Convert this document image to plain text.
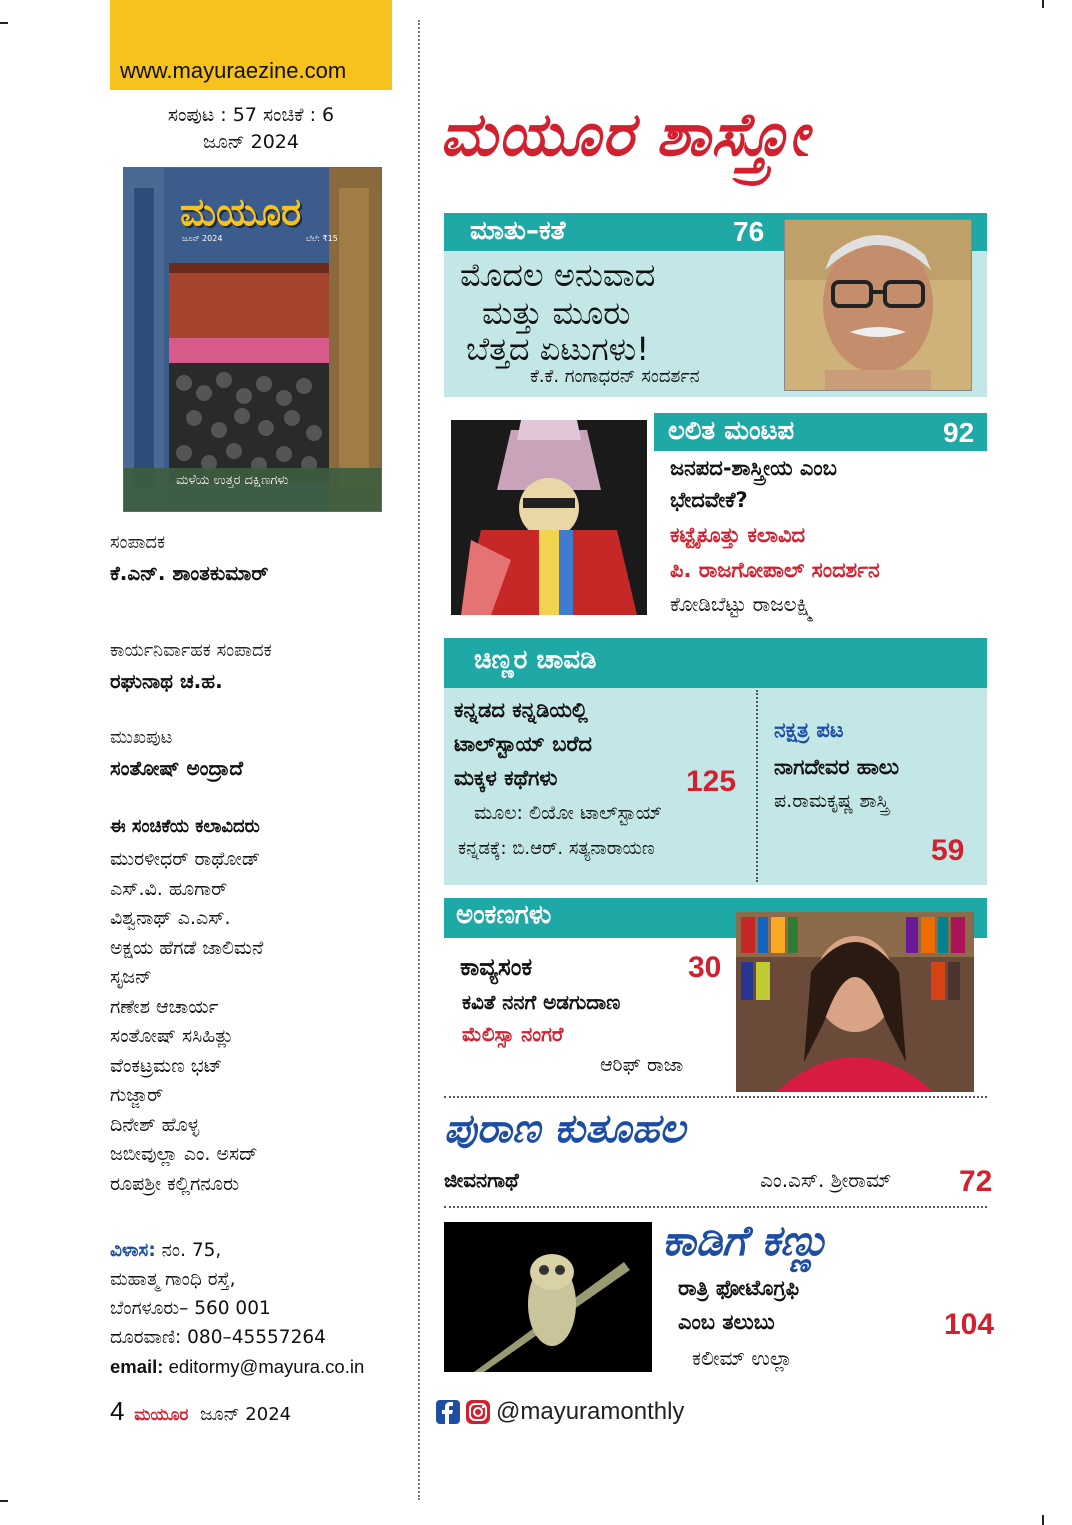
www.mayuraezine.com
ಸಂಪುಟ : 57 ಸಂಚಿಕೆ : 6
ಜೂನ್ 2024
ಮಯೂರ
ಜೂನ್ 2024	ಬೆಲೆ: ₹15
ಮಳೆಯ ಉತ್ತರ ದಕ್ಷಿಣಗಳು
ಸಂಪಾದಕ
ಕೆ.ಎನ್. ಶಾಂತಕುಮಾರ್
ಕಾರ್ಯನಿರ್ವಾಹಕ ಸಂಪಾದಕ
ರಘುನಾಥ ಚ.ಹ.
ಮುಖಪುಟ
ಸಂತೋಷ್ ಅಂದ್ರಾದೆ
ಈ ಸಂಚಿಕೆಯ ಕಲಾವಿದರು
ಮುರಳೀಧರ್ ರಾಥೋಡ್
ಎಸ್.ವಿ. ಹೂಗಾರ್
ವಿಶ್ವನಾಥ್ ಎ.ಎಸ್.
ಅಕ್ಷಯ ಹೆಗಡೆ ಜಾಲಿಮನೆ
ಸೃಜನ್
ಗಣೇಶ ಆಚಾರ್ಯ
ಸಂತೋಷ್ ಸಸಿಹಿತ್ಲು
ವೆಂಕಟ್ರಮಣ ಭಟ್
ಗುಜ್ಜಾರ್
ದಿನೇಶ್ ಹೊಳ್ಳ
ಜಬೀವುಲ್ಲಾ ಎಂ. ಅಸದ್
ರೂಪಶ್ರೀ ಕಲ್ಲಿಗನೂರು
ವಿಳಾಸ: ನಂ. 75,
ಮಹಾತ್ಮ ಗಾಂಧಿ ರಸ್ತೆ,
ಬೆಂಗಳೂರು– 560 001
ದೂರವಾಣಿ: 080–45557264
email: editormy@mayura.co.in
4 ಮಯೂರ ಜೂನ್ 2024
ಮಯೂರ ಶಾಸ್ತ್ರೋ
ಮಾತು–ಕತೆ	76
ಮೊದಲ ಅನುವಾದ
ಮತ್ತು ಮೂರು
ಬೆತ್ತದ ಏಟುಗಳು!
ಕೆ.ಕೆ. ಗಂಗಾಧರನ್ ಸಂದರ್ಶನ
ಲಲಿತ ಮಂಟಪ	92
ಜನಪದ-ಶಾಸ್ತ್ರೀಯ ಎಂಬ
ಭೇದವೇಕೆ?
ಕಟ್ಟೈಕೂತ್ತು ಕಲಾವಿದ
ಪಿ. ರಾಜಗೋಪಾಲ್ ಸಂದರ್ಶನ
ಕೋಡಿಬೆಟ್ಟು ರಾಜಲಕ್ಷ್ಮಿ
ಚಿಣ್ಣರ ಚಾವಡಿ
ಕನ್ನಡದ ಕನ್ನಡಿಯಲ್ಲಿ
ಟಾಲ್‌ಸ್ಟಾಯ್ ಬರೆದ
ಮಕ್ಕಳ ಕಥೆಗಳು	125
ಮೂಲ: ಲಿಯೋ ಟಾಲ್‌ಸ್ಟಾಯ್
ಕನ್ನಡಕ್ಕೆ: ಬಿ.ಆರ್. ಸತ್ಯನಾರಾಯಣ
ನಕ್ಷತ್ರ ಪಟ
ನಾಗದೇವರ ಹಾಲು
ಪ.ರಾಮಕೃಷ್ಣ ಶಾಸ್ತ್ರಿ
59
ಅಂಕಣಗಳು
ಕಾವ್ಯಸಂಕ	30
ಕವಿತೆ ನನಗೆ ಅಡಗುದಾಣ
ಮೆಲಿಸ್ಸಾ ನಂಗರೆ
ಆರಿಫ್ ರಾಜಾ
ಪುರಾಣ ಕುತೂಹಲ
ಜೀವನಗಾಥೆ	ಎಂ.ಎಸ್. ಶ್ರೀರಾಮ್ 72
ಕಾಡಿಗೆ ಕಣ್ಣು
ರಾತ್ರಿ ಫೋಟೊಗ್ರಫಿ
ಎಂಬ ತಲುಬು	104
ಕಲೀಮ್ ಉಲ್ಲಾ
@mayuramonthly
